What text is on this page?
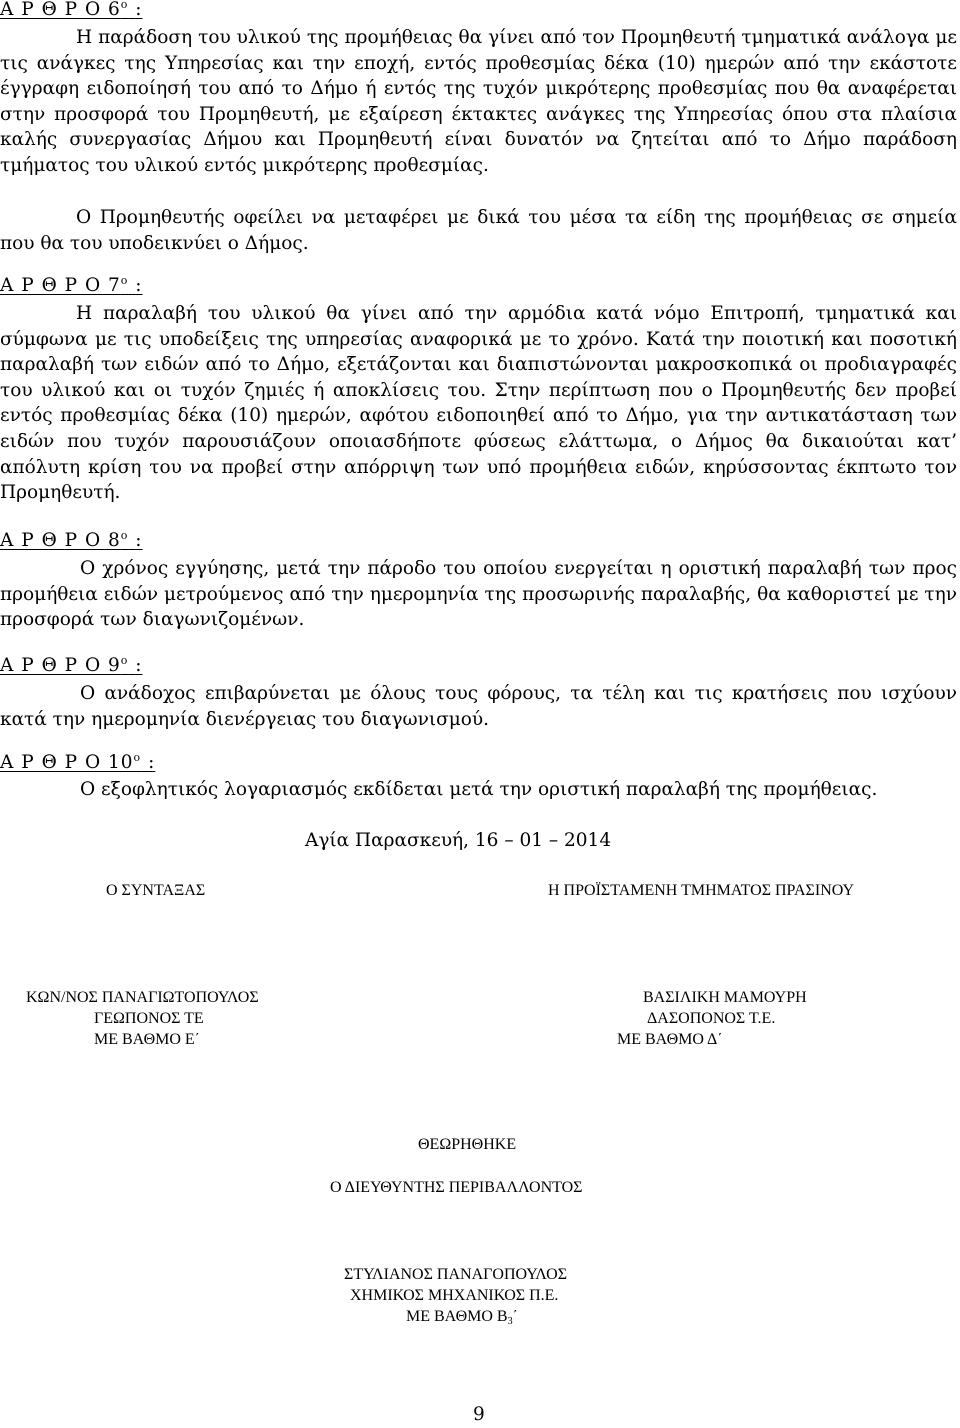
Α Ρ Θ Ρ Ο $6^o$ :

Η παράδοση του υλικού της προμήθειας θα γίνει από τον Προμηθευτή τμηματικά ανάλογα με τις ανάγκες της Υπηρεσίας και την εποχή, εντός προθεσμίας δέκα (10) ημερών από την εκάστοτε έγγραφη ειδοποίησή του από το Δήμο ή εντός της τυχόν μικρότερης προθεσμίας που θα αναφέρεται στην προσφορά του Προμηθευτή, με εξαίρεση έκτακτες ανάγκες της Υπηρεσίας όπου στα πλαίσια καλής συνεργασίας Δήμου και Προμηθευτή είναι δυνατόν να ζητείται από το Δήμο παράδοση τμήματος του υλικού εντός μικρότερης προθεσμίας.

Ο Προμηθευτής οφείλει να μεταφέρει με δικά του μέσα τα είδη της προμήθειας σε σημεία που θα του υποδεικνύει ο Δήμος.

Α Ρ Θ Ρ Ο $7^o$ :

Η παραλαβή του υλικού θα γίνει από την αρμόδια κατά νόμο Επιτροπή, τμηματικά και σύμφωνα με τις υποδείξεις της υπηρεσίας αναφορικά με το χρόνο. Κατά την ποιοτική και ποσοτική παραλαβή των ειδών από το Δήμο, εξετάζονται και διαπιστώνονται μακροσκοπικά οι προδιαγραφές του υλικού και οι τυχόν ζημιές ή αποκλίσεις του. Στην περίπτωση που ο Προμηθευτής δεν προβεί εντός προθεσμίας δέκα (10) ημερών, αφότου ειδοποιηθεί από το Δήμο, για την αντικατάσταση των ειδών που τυχόν παρουσιάζουν οποιασδήποτε φύσεως ελάττωμα, ο Δήμος θα δικαιούται κατ’ απόλυτη κρίση του να προβεί στην απόρριψη των υπό προμήθεια ειδών, κηρύσσοντας έκπτωτο τον Προμηθευτή.

Α Ρ Θ Ρ Ο $8^o$ :

Ο χρόνος εγγύησης, μετά την πάροδο του οποίου ενεργείται η οριστική παραλαβή των προς προμήθεια ειδών μετρούμενος από την ημερομηνία της προσωρινής παραλαβής, θα καθοριστεί με την προσφορά των διαγωνιζομένων.

Α Ρ Θ Ρ Ο $9^o$ :

Ο ανάδοχος επιβαρύνεται με όλους τους φόρους, τα τέλη και τις κρατήσεις που ισχύουν κατά την ημερομηνία διενέργειας του διαγωνισμού.

Α Ρ Θ Ρ Ο $10^o$ :

Ο εξοφλητικός λογαριασμός εκδίδεται μετά την οριστική παραλαβή της προμήθειας.

Αγία Παρασκευή, 16 – 01 – 2014
Ο ΣΥΝΤΑΞΑΣ	Η ΠΡΟΪΣΤΑΜΕΝΗ ΤΜΗΜΑΤΟΣ ΠΡΑΣΙΝΟΥ
ΚΩΝ/ΝΟΣ ΠΑΝΑΓΙΩΤΟΠΟΥΛΟΣ
ΓΕΩΠΟΝΟΣ ΤΕ
ΜΕ ΒΑΘΜΟ Ε΄
ΒΑΣΙΛΙΚΗ ΜΑΜΟΥΡΗ
ΔΑΣΟΠΟΝΟΣ Τ.Ε.
ΜΕ ΒΑΘΜΟ Δ΄
ΘΕΩΡΗΘΗΚΕ
Ο ΔΙΕΥΘΥΝΤΗΣ ΠΕΡΙΒΑΛΛΟΝΤΟΣ
ΣΤΥΛΙΑΝΟΣ ΠΑΝΑΓΟΠΟΥΛΟΣ
ΧΗΜΙΚΟΣ ΜΗΧΑΝΙΚΟΣ Π.Ε.
ΜΕ ΒΑΘΜΟ Β3΄
9
